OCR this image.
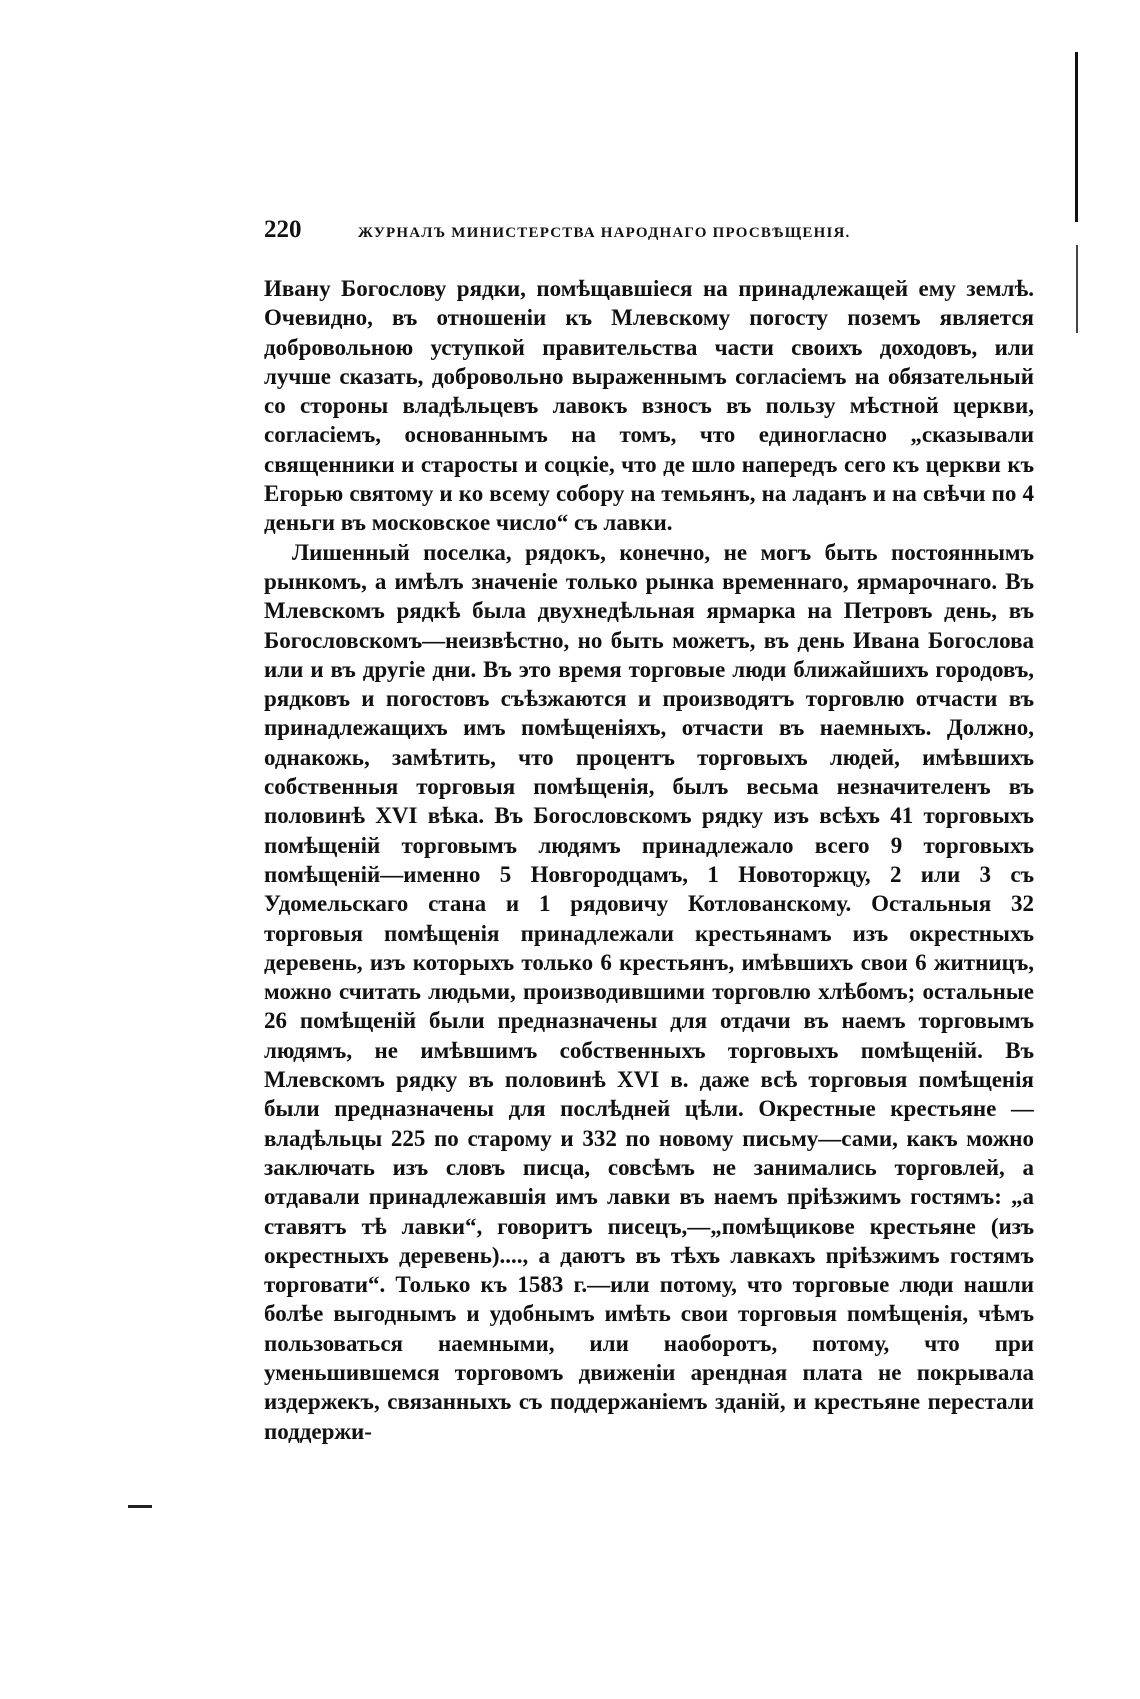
220	ЖУРНАЛЪ МИНИСТЕРСТВА НАРОДНАГО ПРОСВѢЩЕНІЯ.

Ивану Богослову рядки, помѣщавшіеся на принадлежащей ему землѣ. Очевидно, въ отношеніи къ Млевскому погосту поземъ является добровольною уступкой правительства части своихъ доходовъ, или лучше сказать, добровольно выраженнымъ согласіемъ на обязательный со стороны владѣльцевъ лавокъ взносъ въ пользу мѣстной церкви, согласіемъ, основаннымъ на томъ, что единогласно „сказывали священники и старосты и соцкіе, что де шло напередъ сего къ церкви къ Егорью святому и ко всему собору на темьянъ, на ладанъ и на свѣчи по 4 деньги въ московское число“ съ лавки.

Лишенный поселка, рядокъ, конечно, не могъ быть постояннымъ рынкомъ, а имѣлъ значеніе только рынка временнаго, ярмарочнаго. Въ Млевскомъ рядкѣ была двухнедѣльная ярмарка на Петровъ день, въ Богословскомъ—неизвѣстно, но быть можетъ, въ день Ивана Богослова или и въ другіе дни. Въ это время торговые люди ближайшихъ городовъ, рядковъ и погостовъ съѣзжаются и производятъ торговлю отчасти въ принадлежащихъ имъ помѣщеніяхъ, отчасти въ наемныхъ. Должно, однакожь, замѣтить, что процентъ торговыхъ людей, имѣвшихъ собственныя торговыя помѣщенія, былъ весьма незначителенъ въ половинѣ XVI вѣка. Въ Богословскомъ рядку изъ всѣхъ 41 торговыхъ помѣщеній торговымъ людямъ принадлежало всего 9 торговыхъ помѣщеній—именно 5 Новгородцамъ, 1 Новоторжцу, 2 или 3 съ Удомельскаго стана и 1 рядовичу Котлованскому. Остальныя 32 торговыя помѣщенія принадлежали крестьянамъ изъ окрестныхъ деревень, изъ которыхъ только 6 крестьянъ, имѣвшихъ свои 6 житницъ, можно считать людьми, производившими торговлю хлѣбомъ; остальные 26 помѣщеній были предназначены для отдачи въ наемъ торговымъ людямъ, не имѣвшимъ собственныхъ торговыхъ помѣщеній. Въ Млевскомъ рядку въ половинѣ XVI в. даже всѣ торговыя помѣщенія были предназначены для послѣдней цѣли. Окрестные крестьяне — владѣльцы 225 по старому и 332 по новому письму—сами, какъ можно заключать изъ словъ писца, совсѣмъ не занимались торговлей, а отдавали принадлежавшія имъ лавки въ наемъ пріѣзжимъ гостямъ: „а ставятъ тѣ лавки“, говоритъ писецъ,—„помѣщиковe крестьяне (изъ окрестныхъ деревень)...., а даютъ въ тѣхъ лавкахъ пріѣзжимъ гостямъ торговати“. Только къ 1583 г.—или потому, что торговые люди нашли болѣе выгоднымъ и удобнымъ имѣть свои торговыя помѣщенія, чѣмъ пользоваться наемными, или наоборотъ, потому, что при уменьшившемся торговомъ движеніи арендная плата не покрывала издержекъ, связанныхъ съ поддержаніемъ зданій, и крестьяне перестали поддержи-
